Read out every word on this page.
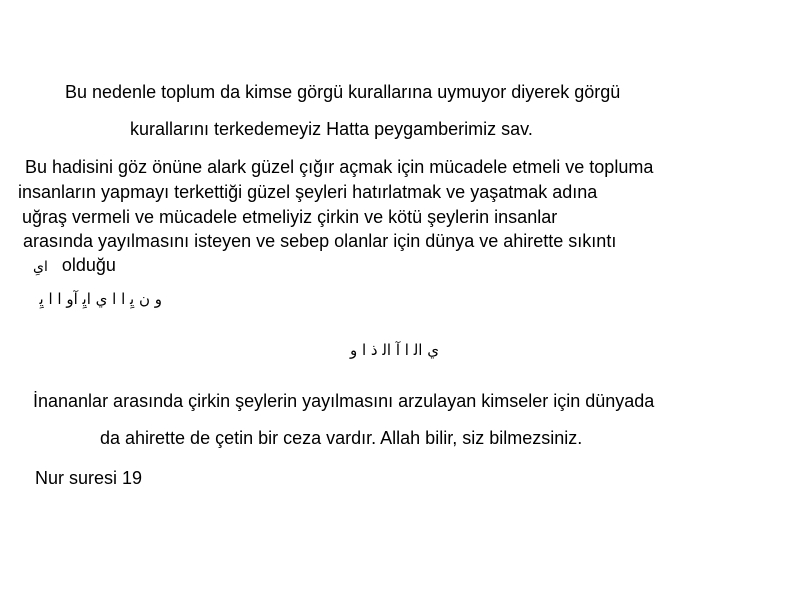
Bu nedenle toplum da kimse görgü kurallarına uymuyor diyerek görgü
kurallarını terkedemeyiz Hatta peygamberimiz sav.
Bu hadisini göz önüne alark güzel çığır açmak için mücadele etmeli ve topluma
insanların yapmayı terkettiği güzel şeyleri hatırlatmak ve yaşatmak adına
uğraş vermeli ve mücadele etmeliyiz çirkin ve kötü şeylerin insanlar
arasında yayılmasını isteyen ve sebep olanlar için dünya ve ahirette sıkıntı
ﺍیِ olduğu
ﻭ ﻥ ﻳِ ﺍ ﺍ ﻱ ﺍﻳِ ﺁﻭ ﺍ ﺍ ﻳِ
ﻱ ﺍﻟ ﺍ ﺁ ﺍﻟ ﺫ ﺍ ﻭ
İnananlar arasında çirkin şeylerin yayılmasını arzulayan kimseler için dünyada
da ahirette de çetin bir ceza vardır. Allah bilir, siz bilmezsiniz.
Nur suresi 19
